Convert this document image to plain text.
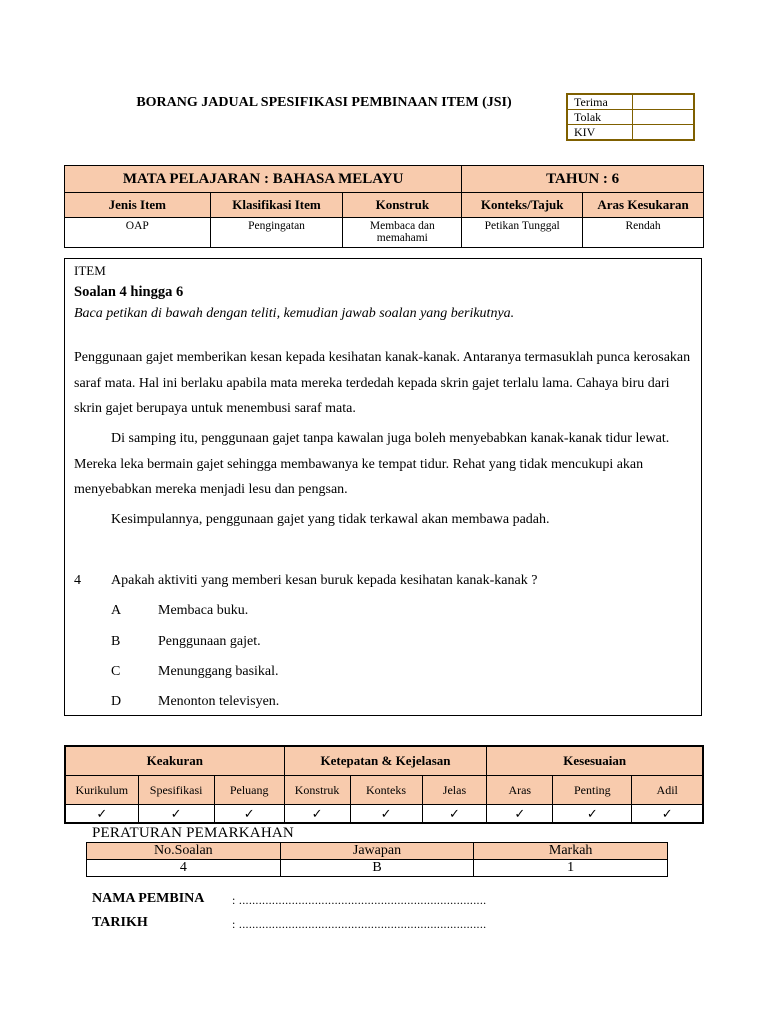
BORANG JADUAL SPESIFIKASI PEMBINAAN ITEM (JSI)	Terima	
Tolak	
KIV	
MATA PELAJARAN : BAHASA MELAYU			TAHUN : 6	
Jenis Item	Klasifikasi Item	Konstruk	Konteks/Tajuk	Aras Kesukaran
OAP	Pengingatan	Membaca dan memahami	Petikan Tunggal	Rendah
ITEM
Soalan 4 hingga 6
Baca petikan di bawah dengan teliti, kemudian jawab soalan yang berikutnya.
Penggunaan gajet memberikan kesan kepada kesihatan kanak-kanak. Antaranya termasuklah punca kerosakan saraf mata. Hal ini berlaku apabila mata mereka terdedah kepada skrin gajet terlalu lama. Cahaya biru dari skrin gajet berupaya untuk menembusi saraf mata.
Di samping itu, penggunaan gajet tanpa kawalan juga boleh menyebabkan kanak-kanak tidur lewat. Mereka leka bermain gajet sehingga membawanya ke tempat tidur. Rehat yang tidak mencukupi akan menyebabkan mereka menjadi lesu dan pengsan.
Kesimpulannya, penggunaan gajet yang tidak terkawal akan membawa padah.
4 Apakah aktiviti yang memberi kesan buruk kepada kesihatan kanak-kanak ?
A	Membaca buku.
B	Penggunaan gajet.
C	Menunggang basikal.
D	Menonton televisyen.
Keakuran			Ketepatan & Kejelasan			Kesesuaian		
Kurikulum	Spesifikasi	Peluang	Konstruk	Konteks	Jelas	Aras	Penting	Adil
✓	✓	✓	✓	✓	✓	✓	✓	✓
PERATURAN PEMARKAHAN
No.Soalan	Jawapan	Markah
4	B	1
NAMA PEMBINA : ...........................................................................
TARIKH	: ...........................................................................
